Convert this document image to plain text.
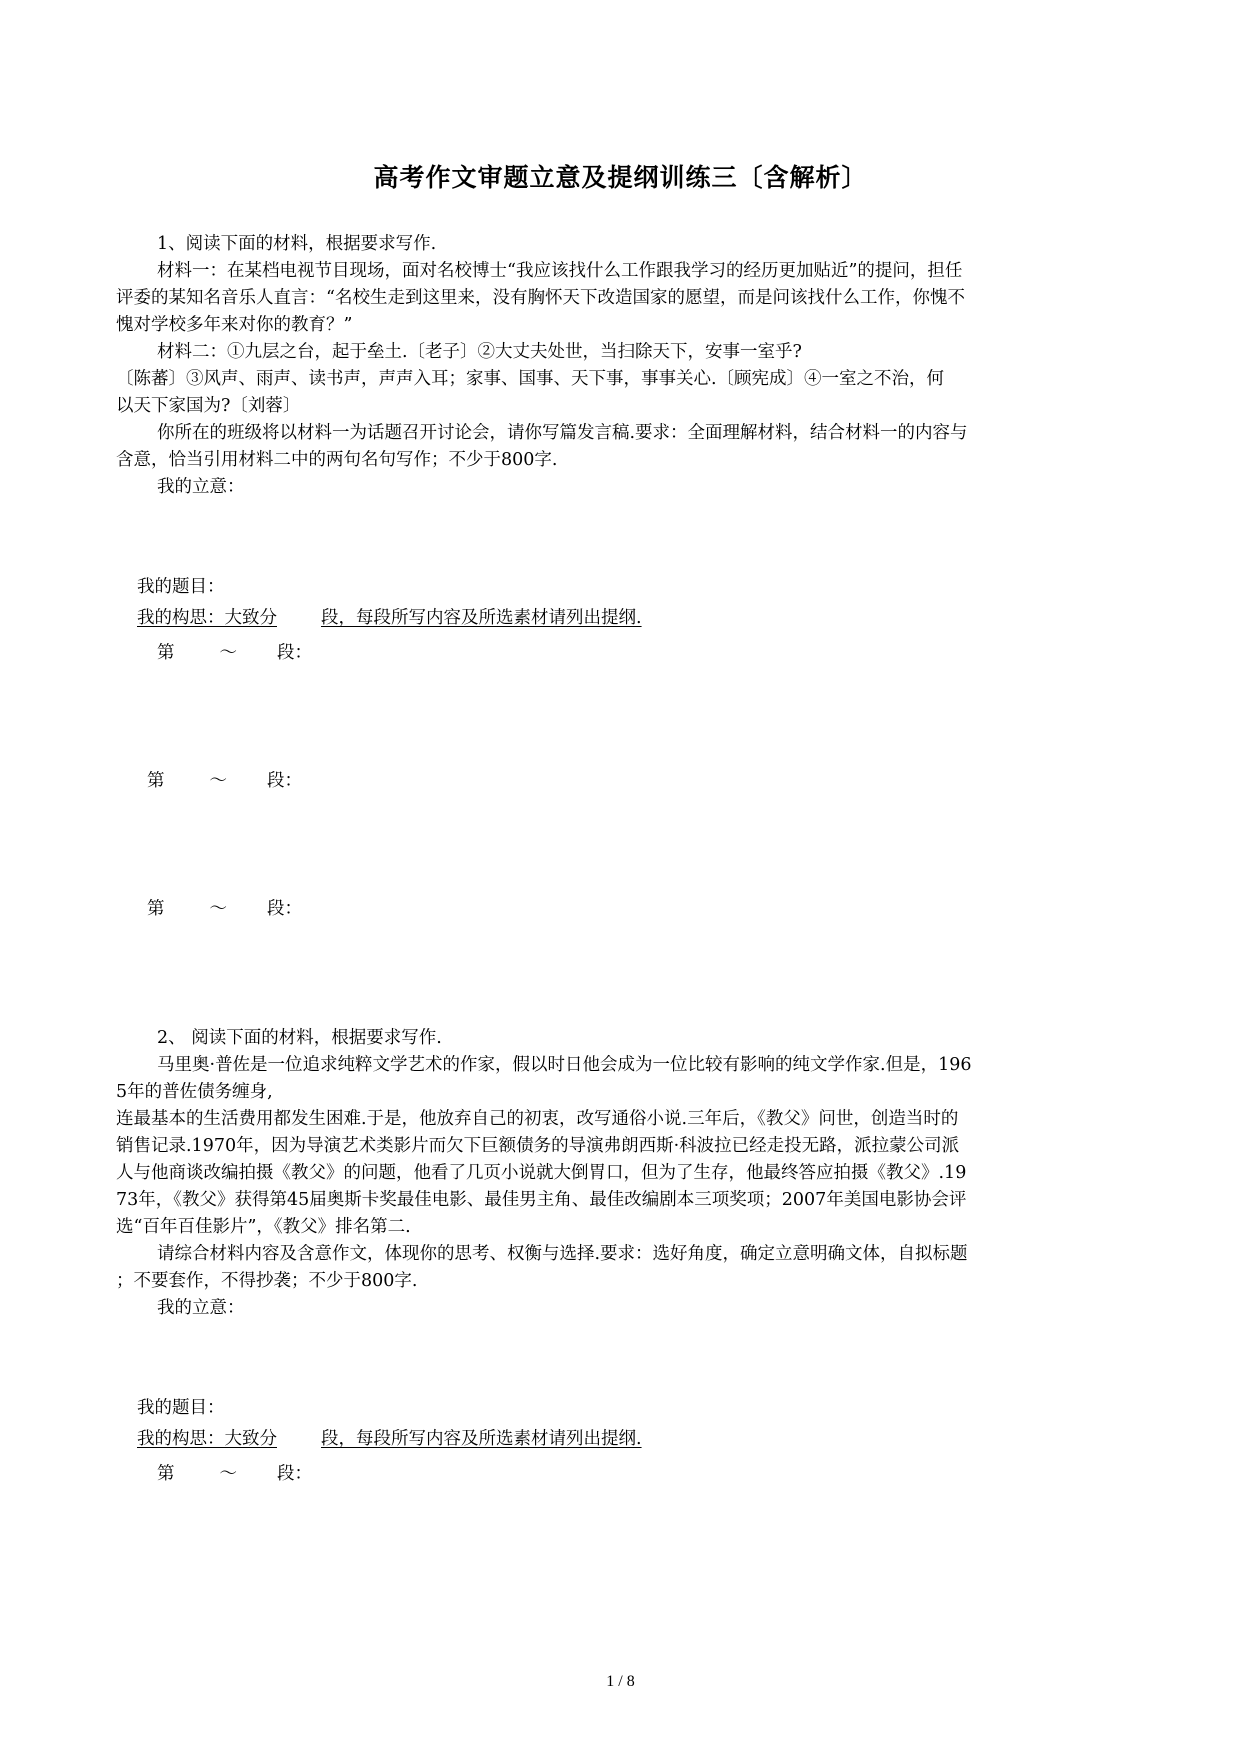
高考作文审题立意及提纲训练三〔含解析〕
1、阅读下面的材料，根据要求写作.
材料一：在某档电视节目现场，面对名校博士“我应该找什么工作跟我学习的经历更加贴近”的提问，担任
评委的某知名音乐人直言：“名校生走到这里来，没有胸怀天下改造国家的愿望，而是问该找什么工作，你愧不
愧对学校多年来对你的教育？”
材料二：①九层之台，起于垒土.〔老子〕②大丈夫处世，当扫除天下，安事一室乎?
〔陈蕃〕③风声、雨声、读书声，声声入耳；家事、国事、天下事，事事关心.〔顾宪成〕④一室之不治，何
以天下家国为?〔刘蓉〕
你所在的班级将以材料一为话题召开讨论会，请你写篇发言稿.要求：全面理解材料，结合材料一的内容与
含意，恰当引用材料二中的两句名句写作；不少于800字.
我的立意：
我的题目：
我的构思：大致分	段，每段所写内容及所选素材请列出提纲.
第	～ 段：
第	～ 段：
第	～ 段：
2、 阅读下面的材料，根据要求写作.
马里奥·普佐是一位追求纯粹文学艺术的作家，假以时日他会成为一位比较有影响的纯文学作家.但是，196
5年的普佐债务缠身,
连最基本的生活费用都发生困难.于是，他放弃自己的初衷，改写通俗小说.三年后，《教父》问世，创造当时的
销售记录.1970年，因为导演艺术类影片而欠下巨额债务的导演弗朗西斯·科波拉已经走投无路，派拉蒙公司派
人与他商谈改编拍摄《教父》的问题，他看了几页小说就大倒胃口，但为了生存，他最终答应拍摄《教父》.19
73年，《教父》获得第45届奥斯卡奖最佳电影、最佳男主角、最佳改编剧本三项奖项；2007年美国电影协会评
选“百年百佳影片”，《教父》排名第二.
请综合材料内容及含意作文，体现你的思考、权衡与选择.要求：选好角度，确定立意明确文体，自拟标题
；不要套作，不得抄袭；不少于800字.
我的立意：
我的题目：
我的构思：大致分	段，每段所写内容及所选素材请列出提纲.
第	～ 段：
1 / 8
